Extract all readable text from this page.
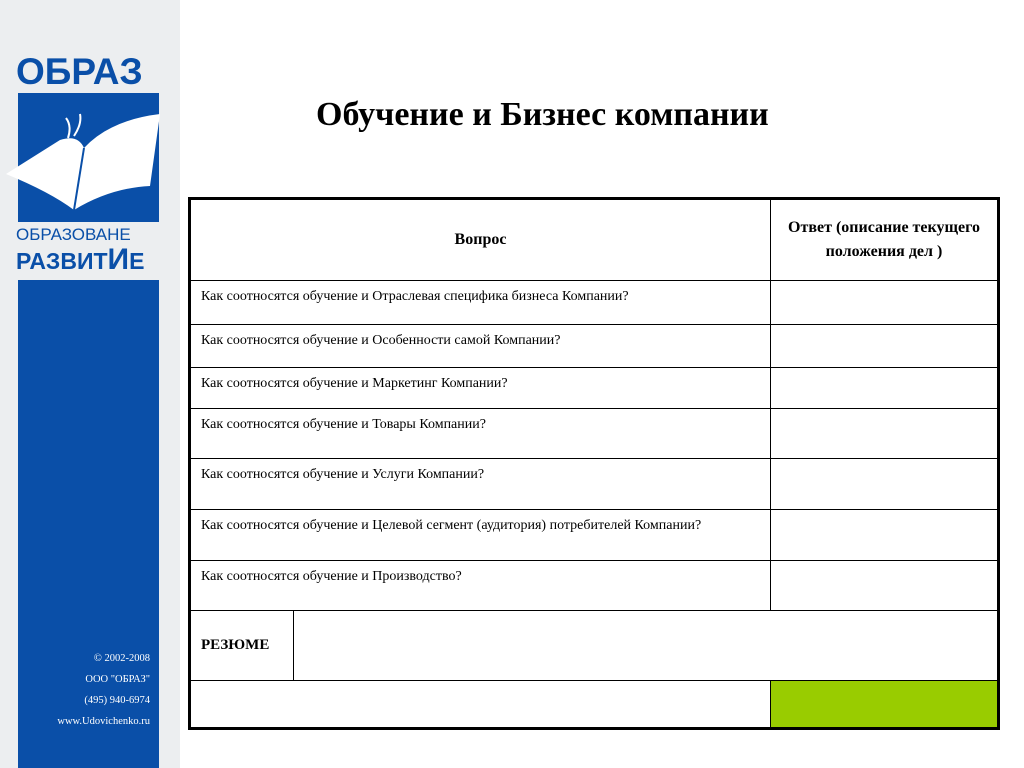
ОБРАЗ
ОБРАЗОВАНЕ
РАЗВИТИЕ
© 2002-2008
ООО "ОБРАЗ"
(495) 940-6974
www.Udovichenko.ru
Обучение и Бизнес компании
Вопрос		Ответ (описание текущего положения дел )
Как соотносятся обучение и Отраслевая специфика бизнеса Компании?		
Как соотносятся обучение и Особенности самой Компании?		
Как соотносятся обучение и Маркетинг Компании?		
Как соотносятся обучение и Товары Компании?		
Как соотносятся обучение и Услуги Компании?		
Как соотносятся обучение и Целевой сегмент (аудитория) потребителей Компании?		
Как соотносятся обучение и Производство?		
РЕЗЮМЕ		
